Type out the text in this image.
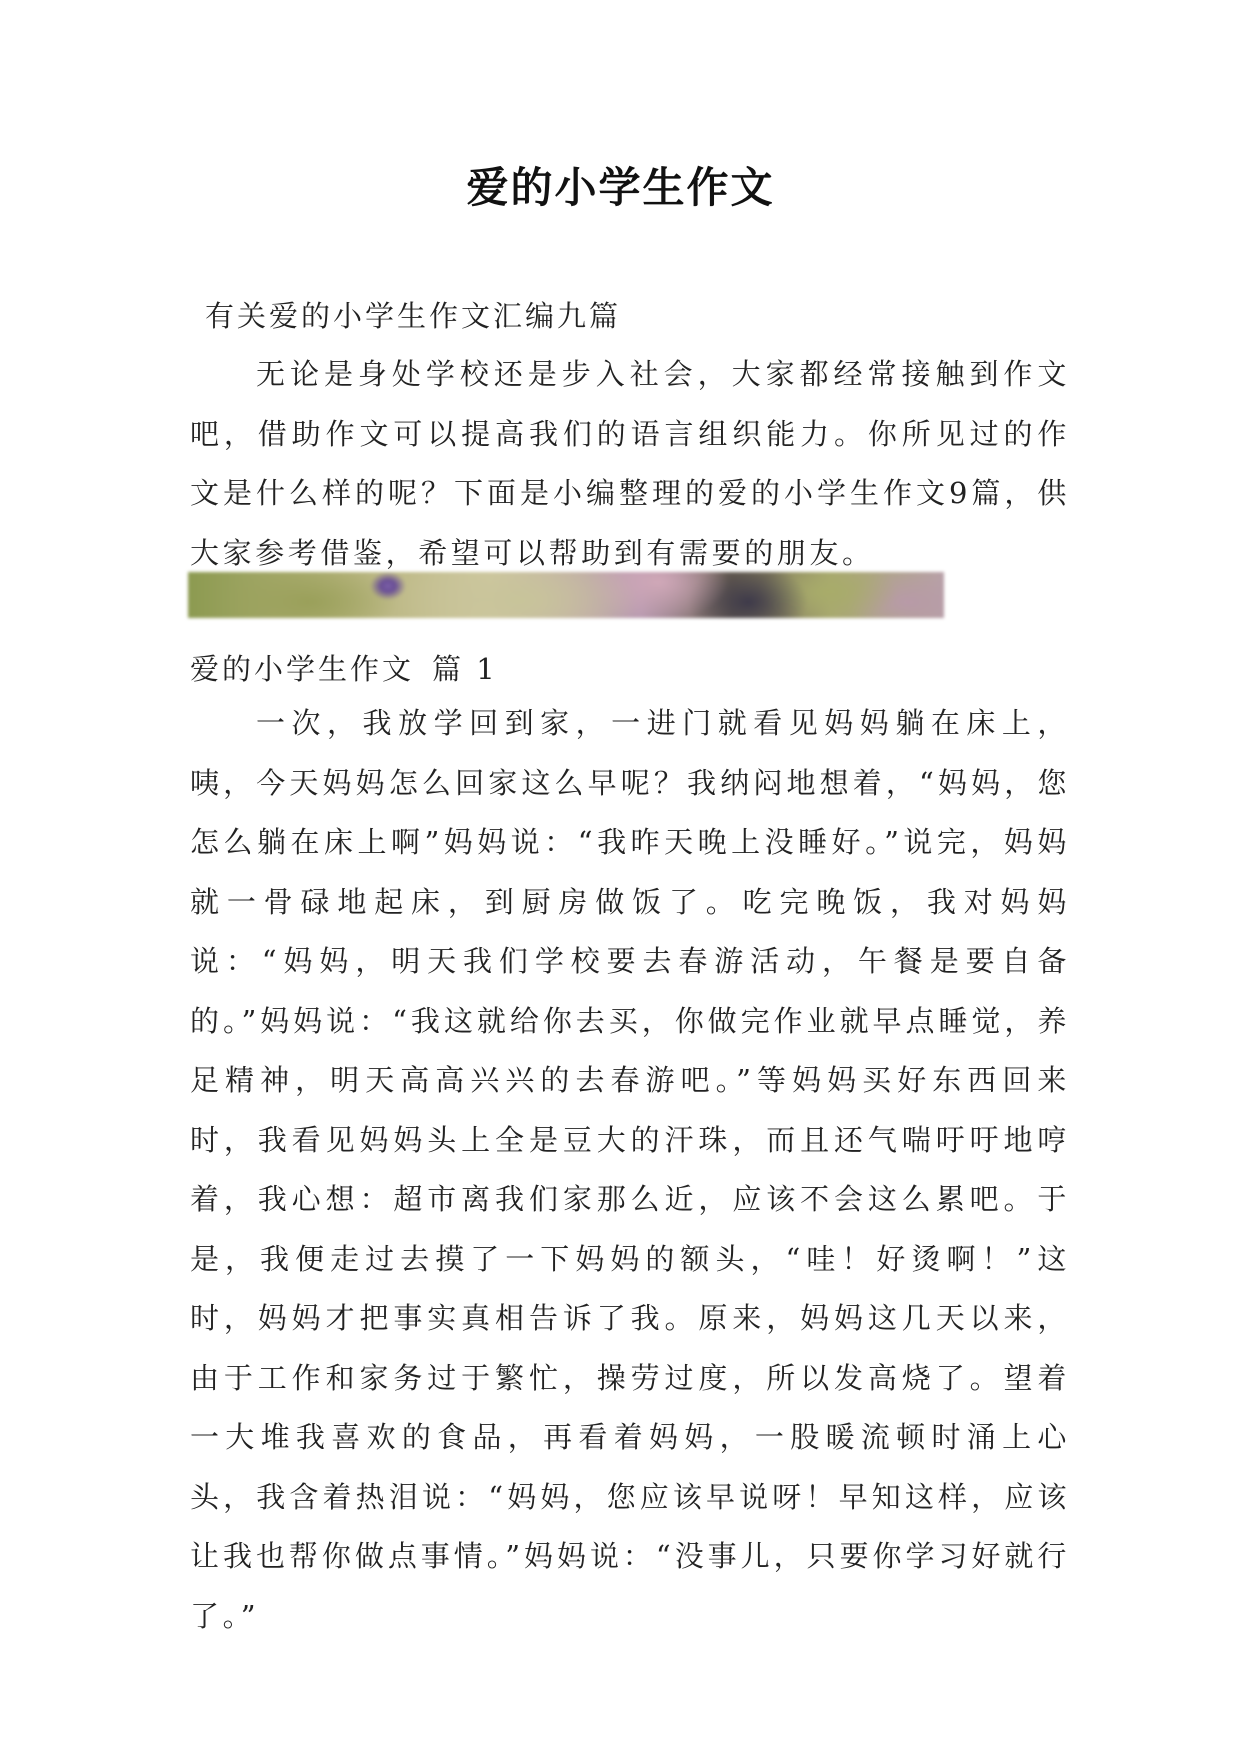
爱的小学生作文
有关爱的小学生作文汇编九篇
无论是身处学校还是步入社会，大家都经常接触到作文吧，借助作文可以提高我们的语言组织能力。你所见过的作文是什么样的呢？下面是小编整理的爱的小学生作文9篇，供大家参考借鉴，希望可以帮助到有需要的朋友。
爱的小学生作文 篇 1
一次，我放学回到家，一进门就看见妈妈躺在床上，咦，今天妈妈怎么回家这么早呢？我纳闷地想着，“妈妈，您怎么躺在床上啊”妈妈说：“我昨天晚上没睡好。”说完，妈妈就一骨碌地起床，到厨房做饭了。吃完晚饭，我对妈妈说：“妈妈，明天我们学校要去春游活动，午餐是要自备的。”妈妈说：“我这就给你去买，你做完作业就早点睡觉，养足精神，明天高高兴兴的去春游吧。”等妈妈买好东西回来时，我看见妈妈头上全是豆大的汗珠，而且还气喘吁吁地哼着，我心想：超市离我们家那么近，应该不会这么累吧。于是，我便走过去摸了一下妈妈的额头，“哇！好烫啊！”这时，妈妈才把事实真相告诉了我。原来，妈妈这几天以来，由于工作和家务过于繁忙，操劳过度，所以发高烧了。望着一大堆我喜欢的食品，再看着妈妈，一股暖流顿时涌上心头，我含着热泪说：“妈妈，您应该早说呀！早知这样，应该让我也帮你做点事情。”妈妈说：“没事儿，只要你学习好就行了。”
